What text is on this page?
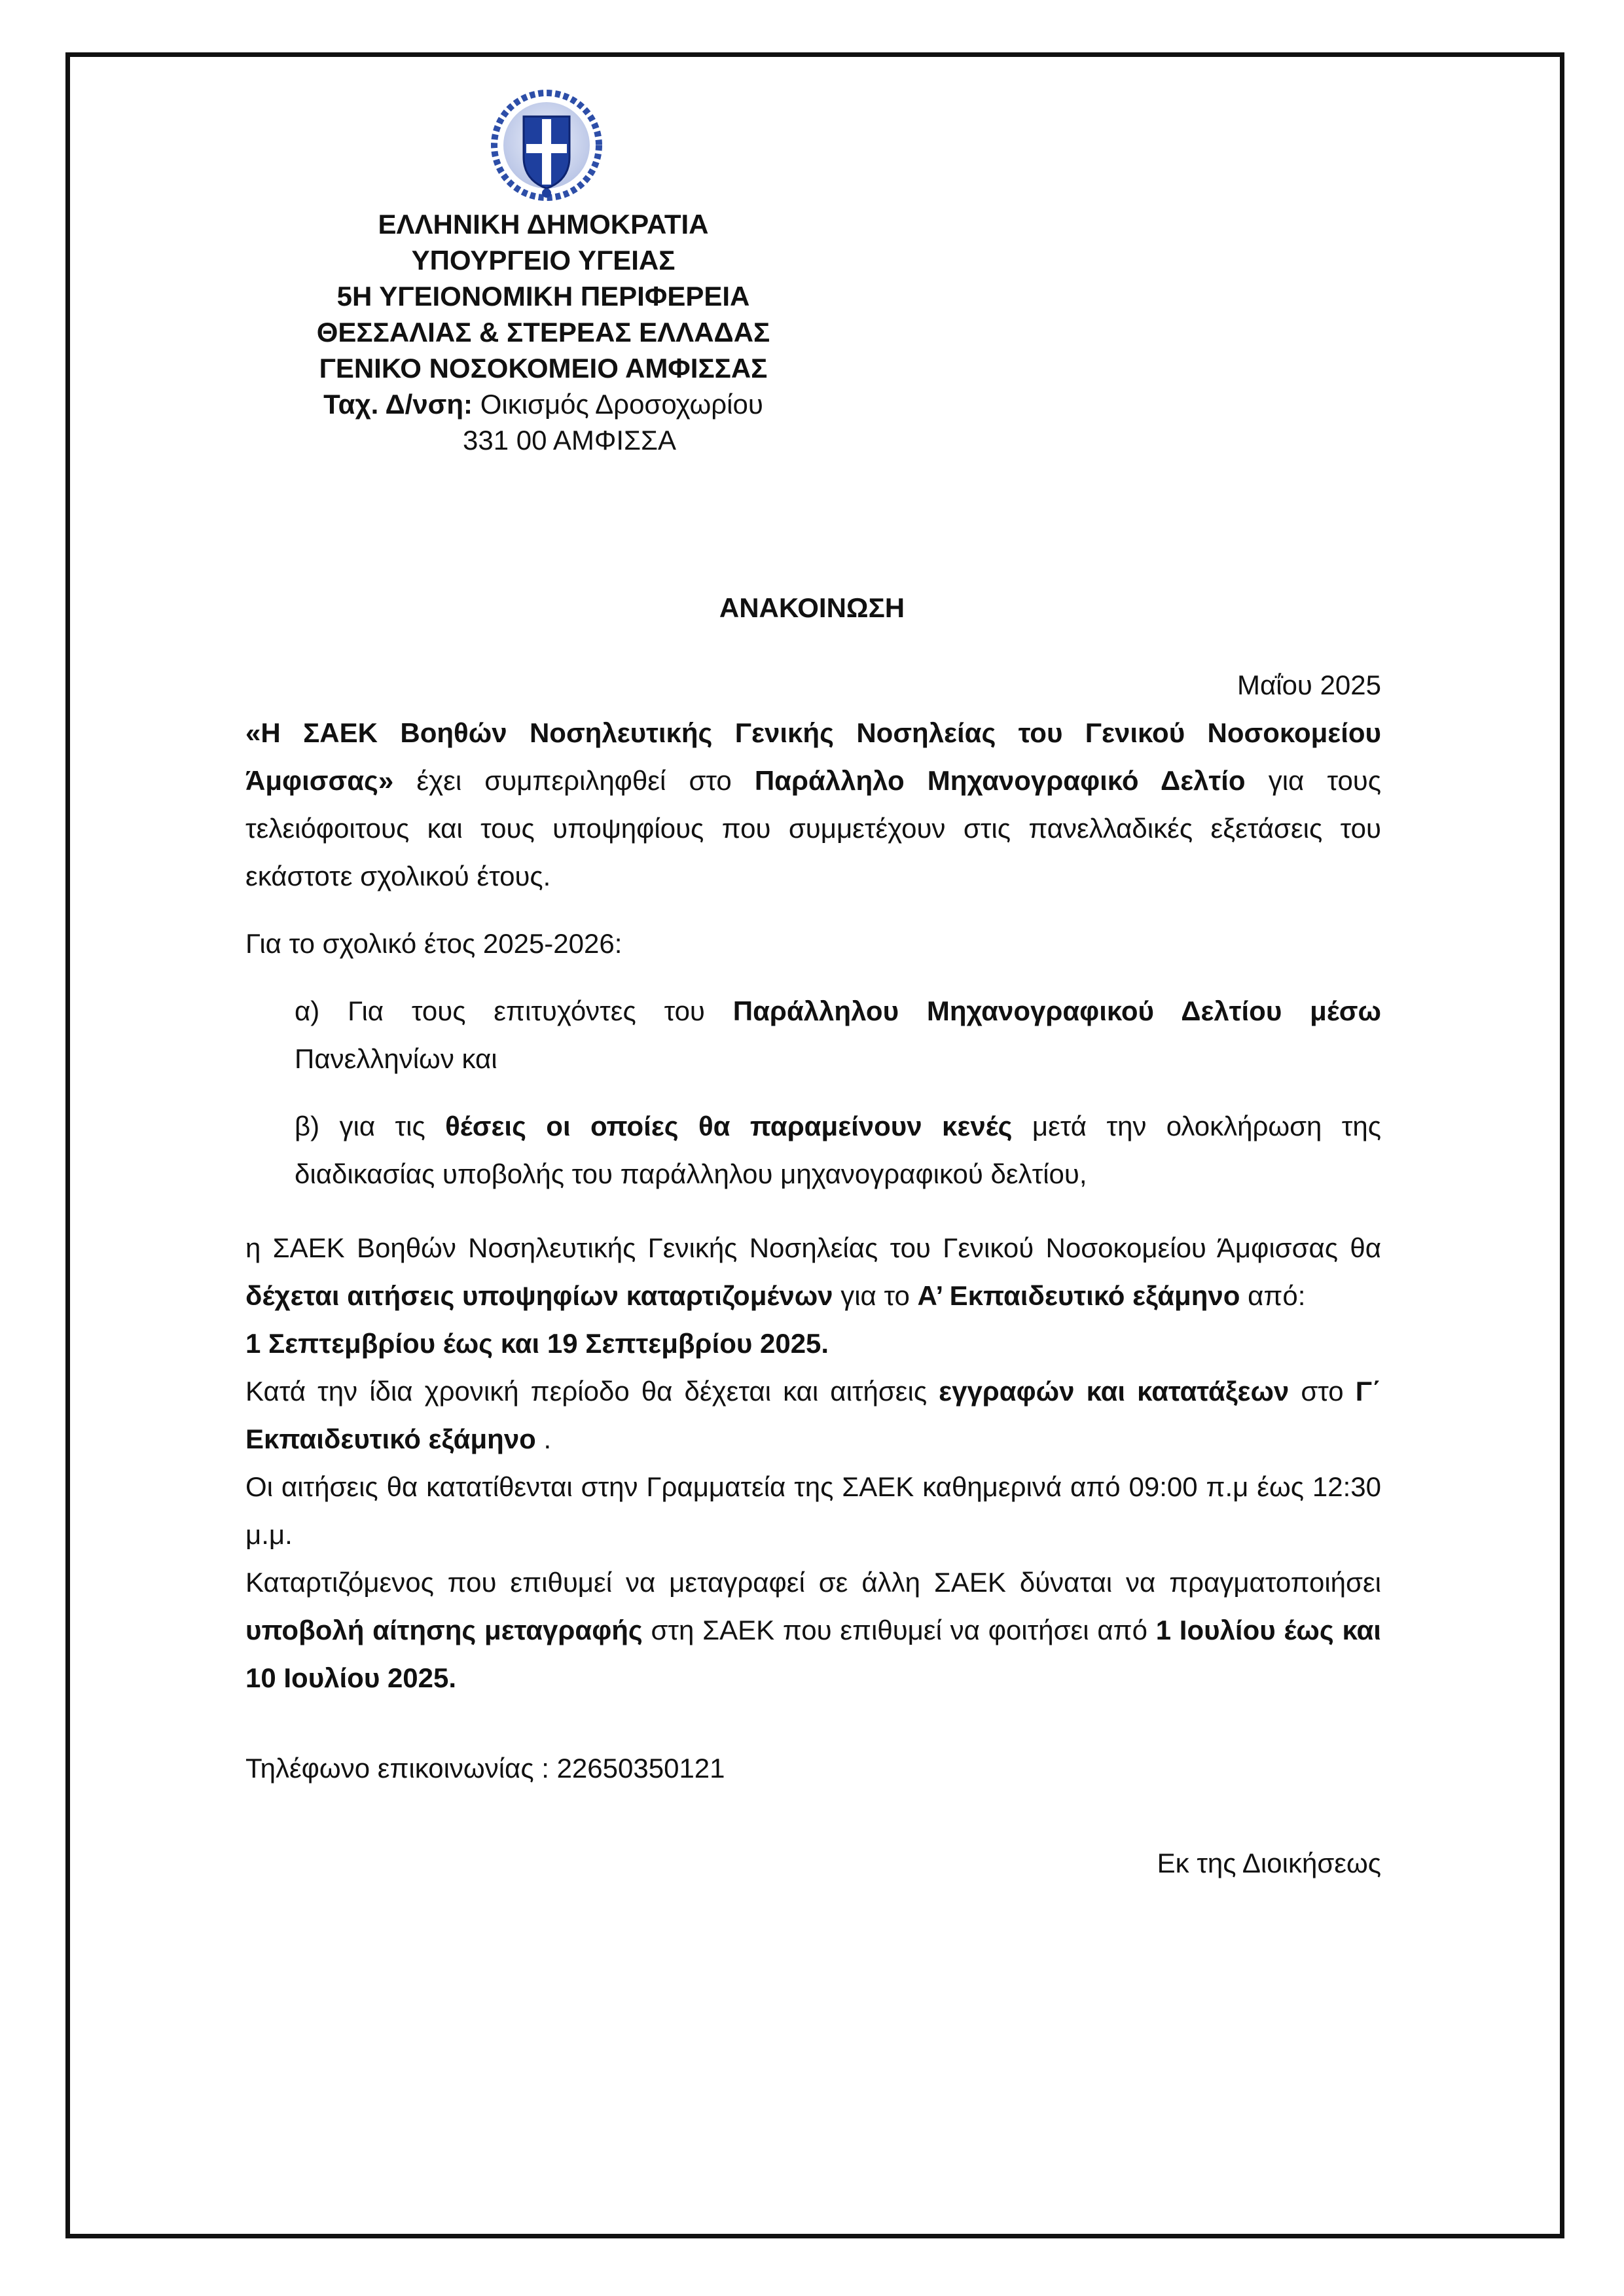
ΕΛΛΗΝΙΚΗ ΔΗΜΟΚΡΑΤΙΑ
ΥΠΟΥΡΓΕΙΟ ΥΓΕΙΑΣ
5Η ΥΓΕΙΟΝΟΜΙΚΗ ΠΕΡΙΦΕΡΕΙΑ
ΘΕΣΣΑΛΙΑΣ & ΣΤΕΡΕΑΣ ΕΛΛΑΔΑΣ
ΓΕΝΙΚΟ ΝΟΣΟΚΟΜΕΙΟ ΑΜΦΙΣΣΑΣ
Ταχ. Δ/νση: Οικισμός Δροσοχωρίου
331 00 ΑΜΦΙΣΣΑ
ΑΝΑΚΟΙΝΩΣΗ

Μαΐου 2025

«Η ΣΑΕΚ Βοηθών Νοσηλευτικής Γενικής Νοσηλείας του Γενικού Νοσοκομείου Άμφισσας» έχει συμπεριληφθεί στο Παράλληλο Μηχανογραφικό Δελτίο για τους τελειόφοιτους και τους υποψηφίους που συμμετέχουν στις πανελλαδικές εξετάσεις του εκάστοτε σχολικού έτους.

Για το σχολικό έτος 2025-2026:

α) Για τους επιτυχόντες του Παράλληλου Μηχανογραφικού Δελτίου μέσω Πανελληνίων και

β) για τις θέσεις οι οποίες θα παραμείνουν κενές μετά την ολοκλήρωση της διαδικασίας υποβολής του παράλληλου μηχανογραφικού δελτίου,

η ΣΑΕΚ Βοηθών Νοσηλευτικής Γενικής Νοσηλείας του Γενικού Νοσοκομείου Άμφισσας θα δέχεται αιτήσεις υποψηφίων καταρτιζομένων για το Α’ Εκπαιδευτικό εξάμηνο από:

1 Σεπτεμβρίου έως και 19 Σεπτεμβρίου 2025.

Κατά την ίδια χρονική περίοδο θα δέχεται και αιτήσεις εγγραφών και κατατάξεων στο Γ΄ Εκπαιδευτικό εξάμηνο .

Οι αιτήσεις θα κατατίθενται στην Γραμματεία της ΣΑΕΚ καθημερινά από 09:00 π.μ έως 12:30 μ.μ.

Καταρτιζόμενος που επιθυμεί να μεταγραφεί σε άλλη ΣΑΕΚ δύναται να πραγματοποιήσει υποβολή αίτησης μεταγραφής στη ΣΑΕΚ που επιθυμεί να φοιτήσει από 1 Ιουλίου έως και 10 Ιουλίου 2025.

Τηλέφωνο επικοινωνίας : 22650350121

Εκ της Διοικήσεως
